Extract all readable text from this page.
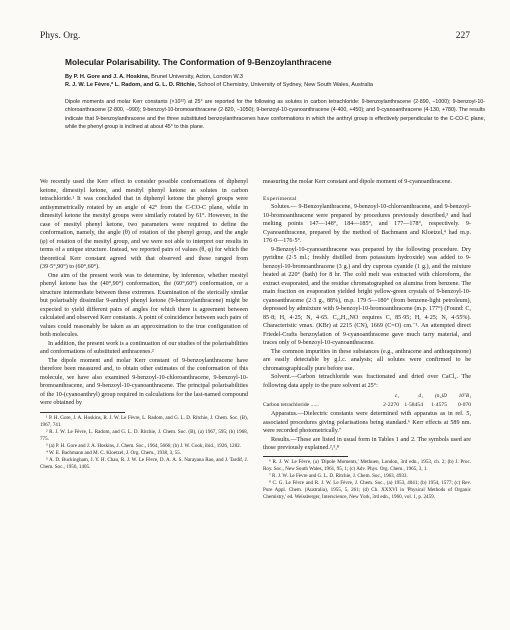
Phys. Org.	227
Molecular Polarisability. The Conformation of 9-Benzoylanthracene
By P. H. Gore and J. A. Hoskins, Brunel University, Acton, London W.3
R. J. W. Le Fèvre,* L. Radom, and G. L. D. Ritchie, School of Chemistry, University of Sydney, New South Wales, Australia

Dipole moments and molar Kerr constants (×10¹²) at 25° are reported for the following as solutes in carbon tetrachloride: 9-benzoylanthracene (2·890, −1000); 9-benzoyl-10-chloroanthracene (2·800, −990); 9-benzoyl-10-bromoanthracene (2·820, −1050); 9-benzoyl-10-cyanoanthracene (4·400, +450); and 9-cyanoanthracene (4·130, +780). The results indicate that 9-benzoylanthracene and the three substituted benzoylanthracenes have conformations in which the anthryl group is effectively perpendicular to the C-CO-C plane, while the phenyl group is inclined at about 45° to this plane.

We recently used the Kerr effect to consider possible conformations of diphenyl ketone, dimesityl ketone, and mesityl phenyl ketone as solutes in carbon tetrachloride.¹ It was concluded that in diphenyl ketone the phenyl groups were antisymmetrically rotated by an angle of 42° from the C-CO-C plane, while in dimesityl ketone the mesityl groups were similarly rotated by 61°. However, in the case of mesityl phenyl ketone, two parameters were required to define the conformation, namely, the angle (θ) of rotation of the phenyl group, and the angle (φ) of rotation of the mesityl group, and we were not able to interpret our results in terms of a unique structure. Instead, we reported pairs of values (θ, φ) for which the theoretical Kerr constant agreed with that observed and these ranged from (39·5°,90°) to (60°,60°).

One aim of the present work was to determine, by inference, whether mesityl phenyl ketone has the (40°,90°) conformation, the (60°,60°) conformation, or a structure intermediate between these extremes. Examination of the sterically similar but polarisably dissimilar 9-anthryl phenyl ketone (9-benzoylanthracene) might be expected to yield different pairs of angles for which there is agreement between calculated and observed Kerr constants. A point of coincidence between such pairs of values could reasonably be taken as an approximation to the true configuration of both molecules.

In addition, the present work is a continuation of our studies of the polarisabilities and conformations of substituted anthracenes.²

The dipole moment and molar Kerr constant of 9-benzoylanthracene have therefore been measured and, to obtain other estimates of the conformation of this molecule, we have also examined 9-benzoyl-10-chloroanthracene, 9-benzoyl-10-bromoanthracene, and 9-benzoyl-10-cyanoanthracene. The principal polarisabilities of the 10-(cyanoanthryl) group required in calculations for the last-named compound were obtained by

¹ P. H. Gore, J. A. Hoskins, R. J. W. Le Fèvre, L. Radom, and G. L. D. Ritchie, J. Chem. Soc. (B), 1967, 741.

² R. J. W. Le Fèvre, L. Radom, and G. L. D. Ritchie, J. Chem. Soc. (B), (a) 1967, 595; (b) 1968, 775.

³ (a) P. H. Gore and J. A. Hoskins, J. Chem. Soc., 1964, 5666; (b) J. W. Cook, ibid., 1926, 1282.

⁴ W. E. Bachmann and M. C. Kloetzel, J. Org. Chem., 1938, 3, 55.

⁵ A. D. Buckingham, J. Y. H. Chau, R. J. W. Le Fèvre, D. A. A. S. Narayana Rao, and J. Tardif, J. Chem. Soc., 1956, 1405.

measuring the molar Kerr constant and dipole moment of 9-cyanoanthracene.

Experimental

Solutes.— 9-Benzoylanthracene, 9-benzoyl-10-chloroanthracene, and 9-benzoyl-10-bromoanthracene were prepared by procedures previously described,³ and had melting points 147—148°, 184—185°, and 177—178°, respectively. 9-Cyanoanthracene, prepared by the method of Bachmann and Kloetzel,⁴ had m.p. 176·0—176·5°.

9-Benzoyl-10-cyanoanthracene was prepared by the following procedure. Dry pyridine (2·5 ml.; freshly distilled from potassium hydroxide) was added to 9-benzoyl-10-bromoanthracene (3 g.) and dry cuprous cyanide (1 g.), and the mixture heated at 220° (bath) for 8 hr. The cold melt was extracted with chloroform, the extract evaporated, and the residue chromatographed on alumina from benzene. The main fraction on evaporation yielded bright yellow-green crystals of 9-benzoyl-10-cyanoanthracene (2·3 g., 88%), m.p. 179·5—180° (from benzene-light petroleum), depressed by admixture with 9-benzoyl-10-bromoanthracene (m.p. 177°) (Found: C, 85·8; H, 4·25; N, 4·65. C₂₂H₁₃NO requires C, 85·95; H, 4·25; N, 4·55%). Characteristic νmax. (KBr) at 2215 (CN), 1669 (C=O) cm.⁻¹. An attempted direct Friedel-Crafts benzoylation of 9-cyanoanthracene gave much tarry material, and traces only of 9-benzoyl-10-cyanoanthracene.

The common impurities in these substances (e.g., anthracene and anthraquinone) are easily detectable by g.l.c. analysis; all solutes were confirmed to be chromatographically pure before use.

Solvent.—Carbon tetrachloride was fractionated and dried over CaCl₂. The following data apply to the pure solvent at 25°:

ε₁	d₁	(n₁)D	10⁷B₁
Carbon tetrachloride ......	2·2270 1·58454	1·4575	0·070

Apparatus.—Dielectric constants were determined with apparatus as in ref. 5, associated procedures giving polarisations being standard.⁶ Kerr effects at 589 nm. were recorded photometrically.⁷

Results.—These are listed in usual form in Tables 1 and 2. The symbols used are those previously explained.²,⁵,⁸

⁶ R. J. W. Le Fèvre, (a) 'Dipole Moments,' Methuen, London, 3rd edn., 1953, ch. 2; (b) J. Proc. Roy. Soc., New South Wales, 1961, 95, 1; (c) Adv. Phys. Org. Chem., 1965, 3, 1.

⁷ R. J. W. Le Fèvre and G. L. D. Ritchie, J. Chem. Soc., 1963, 4933.

⁸ C. G. Le Fèvre and R. J. W. Le Fèvre, J. Chem. Soc., (a) 1953, 4041; (b) 1954, 1577; (c) Rev. Pure Appl. Chem. (Australia), 1955, 5, 261; (d) Ch. XXXVI in 'Physical Methods of Organic Chemistry,' ed. Weissberger, Interscience, New York, 3rd edn., 1960, vol. 1, p. 2459.
